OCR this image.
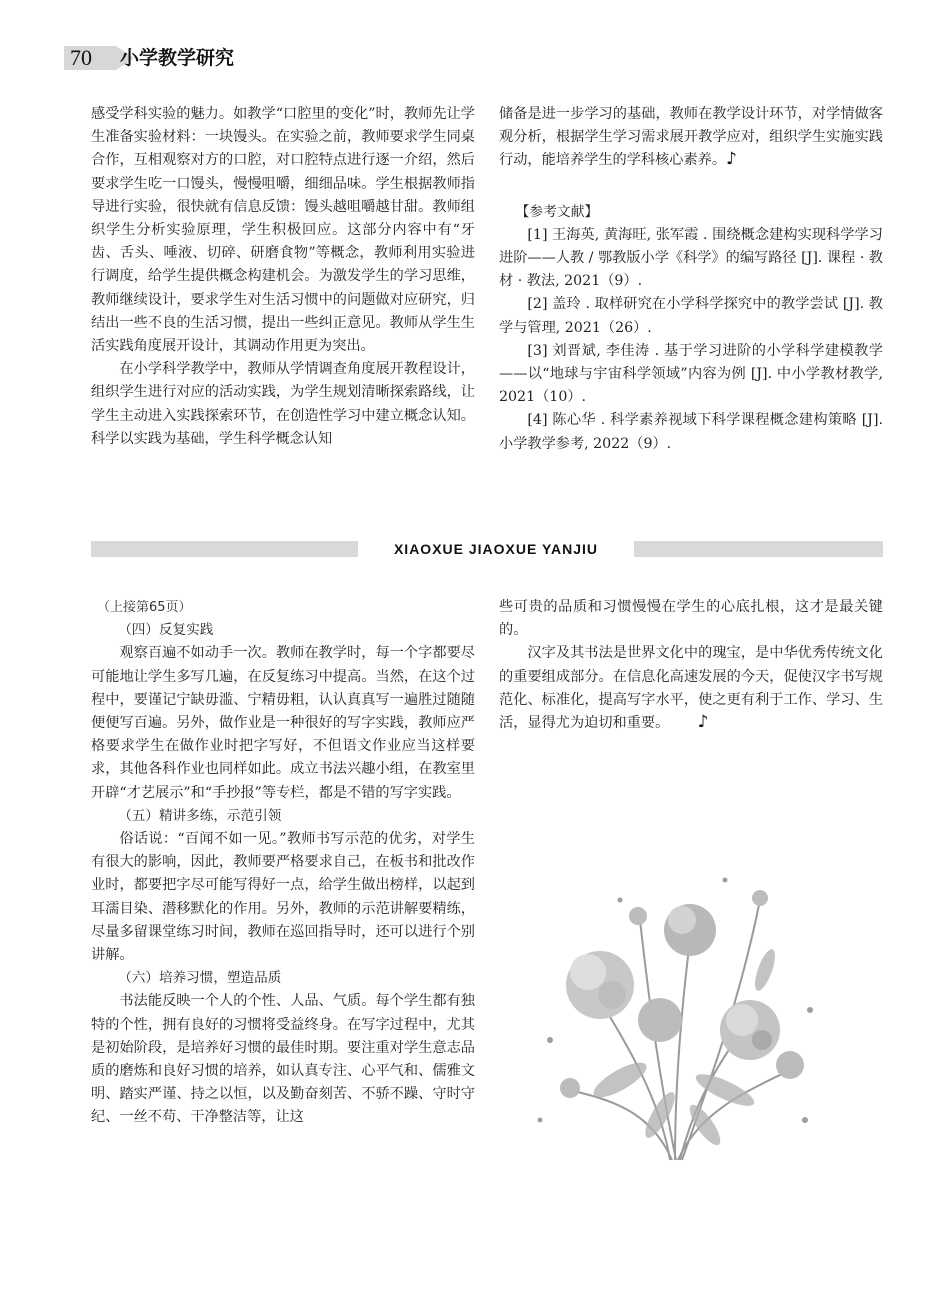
70	小学教学研究

感受学科实验的魅力。如教学“口腔里的变化”时，教师先让学生准备实验材料：一块馒头。在实验之前，教师要求学生同桌合作，互相观察对方的口腔，对口腔特点进行逐一介绍，然后要求学生吃一口馒头，慢慢咀嚼，细细品味。学生根据教师指导进行实验，很快就有信息反馈：馒头越咀嚼越甘甜。教师组织学生分析实验原理，学生积极回应。这部分内容中有“牙齿、舌头、唾液、切碎、研磨食物”等概念，教师利用实验进行调度，给学生提供概念构建机会。为激发学生的学习思维，教师继续设计，要求学生对生活习惯中的问题做对应研究，归结出一些不良的生活习惯，提出一些纠正意见。教师从学生生活实践角度展开设计，其调动作用更为突出。

在小学科学教学中，教师从学情调查角度展开教程设计，组织学生进行对应的活动实践，为学生规划清晰探索路线，让学生主动进入实践探索环节，在创造性学习中建立概念认知。科学以实践为基础，学生科学概念认知

储备是进一步学习的基础，教师在教学设计环节，对学情做客观分析，根据学生学习需求展开教学应对，组织学生实施实践行动，能培养学生的学科核心素养。♪

【参考文献】

[1] 王海英, 黄海旺, 张军霞 . 围绕概念建构实现科学学习进阶——人教 / 鄂教版小学《科学》的编写路径 [J]. 课程 · 教材 · 教法, 2021（9）.

[2] 盖玲 . 取样研究在小学科学探究中的教学尝试 [J]. 教学与管理, 2021（26）.

[3] 刘晋斌, 李佳涛 . 基于学习进阶的小学科学建模教学——以“地球与宇宙科学领域”内容为例 [J]. 中小学教材教学, 2021（10）.

[4] 陈心华 . 科学素养视域下科学课程概念建构策略 [J]. 小学教学参考, 2022（9）.

XIAOXUE JIAOXUE YANJIU

（上接第65页）

（四）反复实践

观察百遍不如动手一次。教师在教学时，每一个字都要尽可能地让学生多写几遍，在反复练习中提高。当然，在这个过程中，要谨记宁缺毋滥、宁精毋粗，认认真真写一遍胜过随随便便写百遍。另外，做作业是一种很好的写字实践，教师应严格要求学生在做作业时把字写好，不但语文作业应当这样要求，其他各科作业也同样如此。成立书法兴趣小组，在教室里开辟“才艺展示”和“手抄报”等专栏，都是不错的写字实践。

（五）精讲多练，示范引领

俗话说：“百闻不如一见。”教师书写示范的优劣，对学生有很大的影响，因此，教师要严格要求自己，在板书和批改作业时，都要把字尽可能写得好一点，给学生做出榜样，以起到耳濡目染、潜移默化的作用。另外，教师的示范讲解要精练，尽量多留课堂练习时间，教师在巡回指导时，还可以进行个别讲解。

（六）培养习惯，塑造品质

书法能反映一个人的个性、人品、气质。每个学生都有独特的个性，拥有良好的习惯将受益终身。在写字过程中，尤其是初始阶段，是培养好习惯的最佳时期。要注重对学生意志品质的磨炼和良好习惯的培养，如认真专注、心平气和、儒雅文明、踏实严谨、持之以恒，以及勤奋刻苦、不骄不躁、守时守纪、一丝不苟、干净整洁等，让这

些可贵的品质和习惯慢慢在学生的心底扎根，这才是最关键的。

汉字及其书法是世界文化中的瑰宝，是中华优秀传统文化的重要组成部分。在信息化高速发展的今天，促使汉字书写规范化、标准化，提高写字水平，使之更有利于工作、学习、生活，显得尤为迫切和重要。 ♪
